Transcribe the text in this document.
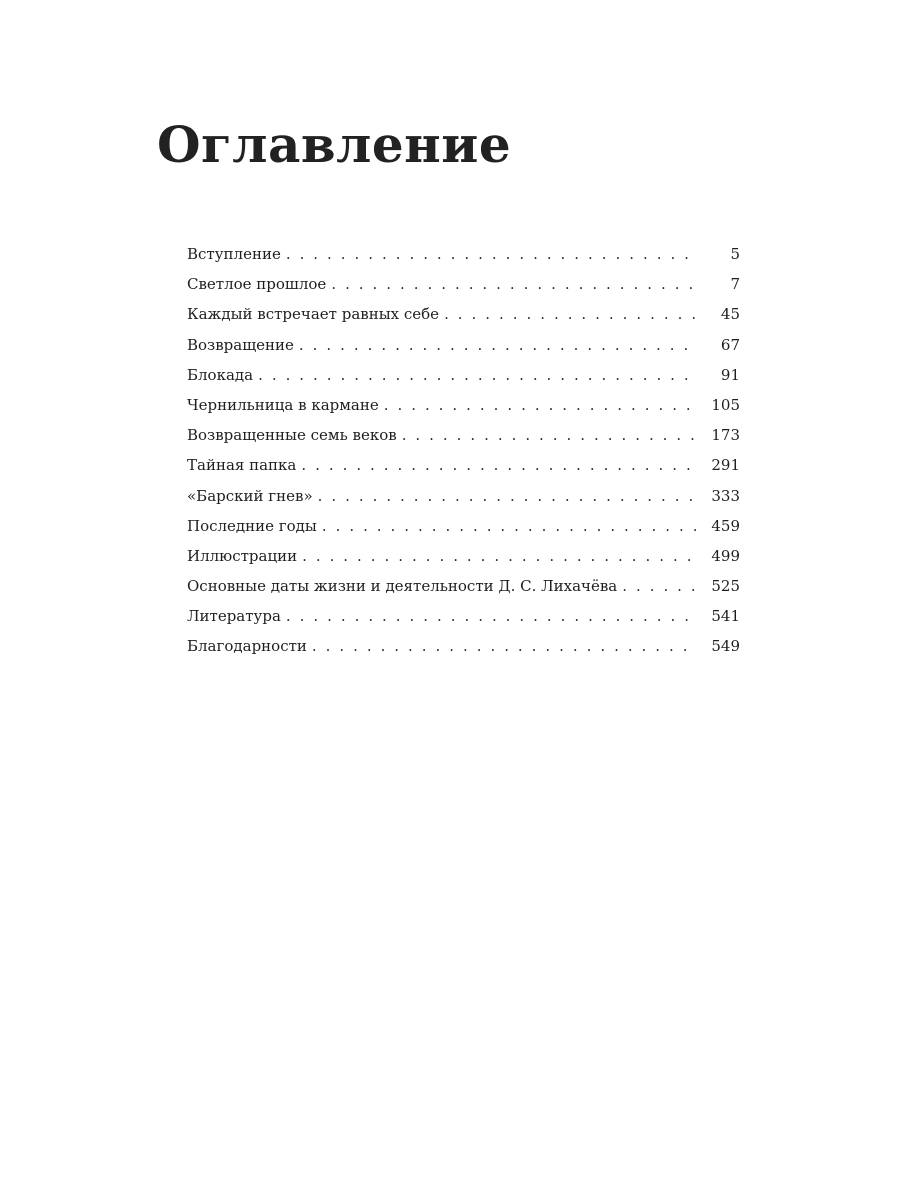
Оглавление
Вступление . . .	5
Светлое прошлое . . .	7
Каждый встречает равных себе . . .	45
Возвращение . . .	67
Блокада . . .	91
Чернильница в кармане . . .	105
Возвращенные семь веков . . .	173
Тайная папка . . .	291
«Барский гнев» . . .	333
Последние годы . . .	459
Иллюстрации . . .	499
Основные даты жизни и деятельности Д. С. Лихачёва . . .	525
Литература . . .	541
Благодарности . . .	549
